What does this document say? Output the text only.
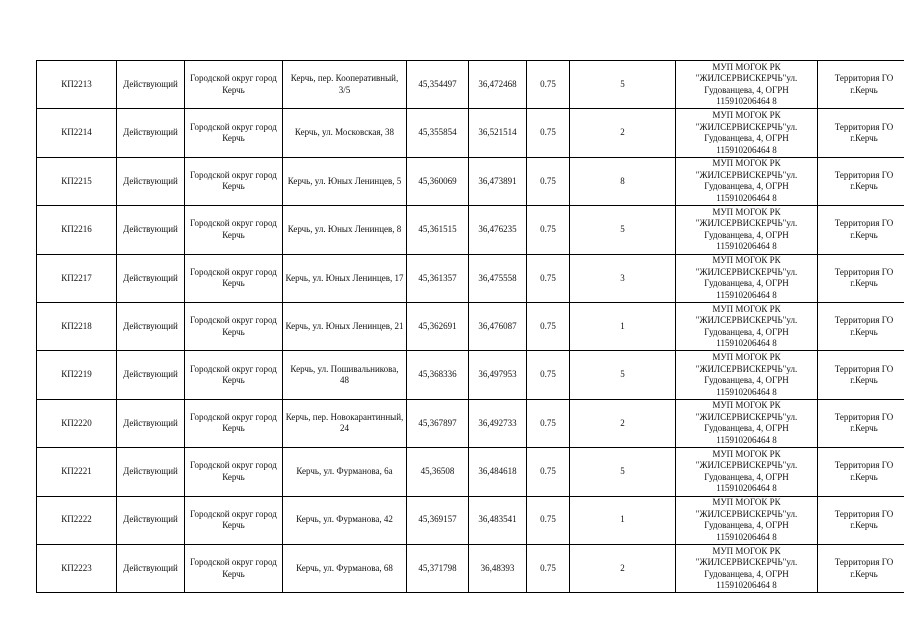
КП2213	Действующий	Городской округ город Керчь	Керчь, пер. Кооперативный, 3/5	45,354497	36,472468	0.75	5	МУП МОГОК РК "ЖИЛСЕРВИСКЕРЧЬ"ул. Гудованцева, 4, ОГРН 115910206464 8	Территория ГО г.Керчь
КП2214	Действующий	Городской округ город Керчь	Керчь, ул. Московская, 38	45,355854	36,521514	0.75	2	МУП МОГОК РК "ЖИЛСЕРВИСКЕРЧЬ"ул. Гудованцева, 4, ОГРН 115910206464 8	Территория ГО г.Керчь
КП2215	Действующий	Городской округ город Керчь	Керчь, ул. Юных Ленинцев, 5	45,360069	36,473891	0.75	8	МУП МОГОК РК "ЖИЛСЕРВИСКЕРЧЬ"ул. Гудованцева, 4, ОГРН 115910206464 8	Территория ГО г.Керчь
КП2216	Действующий	Городской округ город Керчь	Керчь, ул. Юных Ленинцев, 8	45,361515	36,476235	0.75	5	МУП МОГОК РК "ЖИЛСЕРВИСКЕРЧЬ"ул. Гудованцева, 4, ОГРН 115910206464 8	Территория ГО г.Керчь
КП2217	Действующий	Городской округ город Керчь	Керчь, ул. Юных Ленинцев, 17	45,361357	36,475558	0.75	3	МУП МОГОК РК "ЖИЛСЕРВИСКЕРЧЬ"ул. Гудованцева, 4, ОГРН 115910206464 8	Территория ГО г.Керчь
КП2218	Действующий	Городской округ город Керчь	Керчь, ул. Юных Ленинцев, 21	45,362691	36,476087	0.75	1	МУП МОГОК РК "ЖИЛСЕРВИСКЕРЧЬ"ул. Гудованцева, 4, ОГРН 115910206464 8	Территория ГО г.Керчь
КП2219	Действующий	Городской округ город Керчь	Керчь, ул. Пошивальникова, 48	45,368336	36,497953	0.75	5	МУП МОГОК РК "ЖИЛСЕРВИСКЕРЧЬ"ул. Гудованцева, 4, ОГРН 115910206464 8	Территория ГО г.Керчь
КП2220	Действующий	Городской округ город Керчь	Керчь, пер. Новокарантинный, 24	45,367897	36,492733	0.75	2	МУП МОГОК РК "ЖИЛСЕРВИСКЕРЧЬ"ул. Гудованцева, 4, ОГРН 115910206464 8	Территория ГО г.Керчь
КП2221	Действующий	Городской округ город Керчь	Керчь, ул. Фурманова, 6а	45,36508	36,484618	0.75	5	МУП МОГОК РК "ЖИЛСЕРВИСКЕРЧЬ"ул. Гудованцева, 4, ОГРН 115910206464 8	Территория ГО г.Керчь
КП2222	Действующий	Городской округ город Керчь	Керчь, ул. Фурманова, 42	45,369157	36,483541	0.75	1	МУП МОГОК РК "ЖИЛСЕРВИСКЕРЧЬ"ул. Гудованцева, 4, ОГРН 115910206464 8	Территория ГО г.Керчь
КП2223	Действующий	Городской округ город Керчь	Керчь, ул. Фурманова, 68	45,371798	36,48393	0.75	2	МУП МОГОК РК "ЖИЛСЕРВИСКЕРЧЬ"ул. Гудованцева, 4, ОГРН 115910206464 8	Территория ГО г.Керчь
